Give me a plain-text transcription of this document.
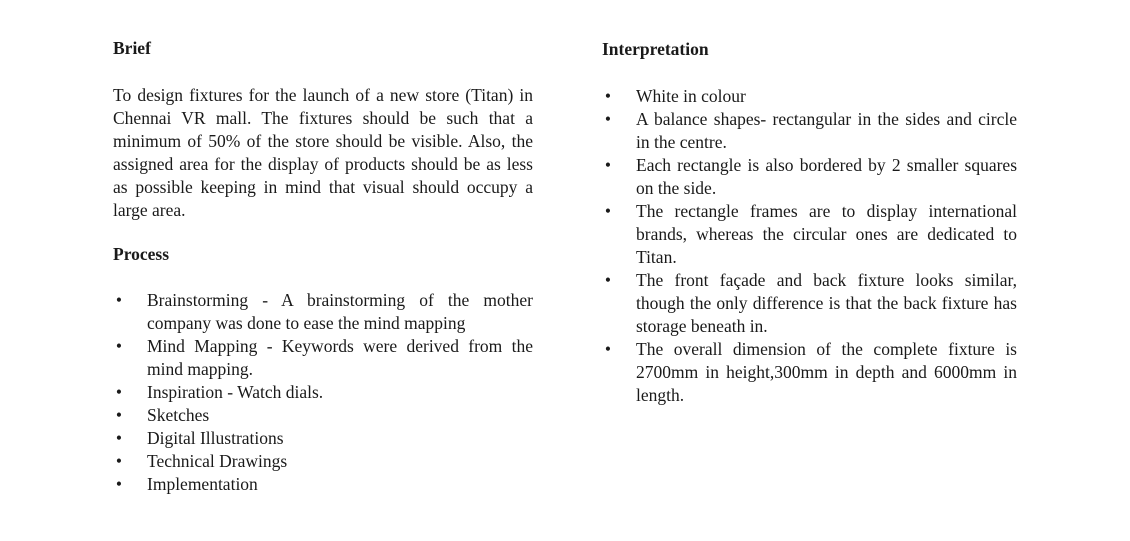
Brief

To design fixtures for the launch of a new store (Titan) in Chennai VR mall. The fixtures should be such that a minimum of 50% of the store should be visible. Also, the assigned area for the display of products should be as less as possible keeping in mind that visual should occupy a large area.

Process
• Brainstorming - A brainstorming of the mother company was done to ease the mind mapping
• Mind Mapping - Keywords were derived from the mind mapping.
• Inspiration - Watch dials.
• Sketches
• Digital Illustrations
• Technical Drawings
• Implementation
Interpretation
• White in colour
• A balance shapes- rectangular in the sides and circle in the centre.
• Each rectangle is also bordered by 2 smaller squares on the side.
• The rectangle frames are to display international brands, whereas the circular ones are dedicated to Titan.
• The front façade and back fixture looks similar, though the only difference is that the back fixture has storage beneath in.
• The overall dimension of the complete fixture is 2700mm in height,300mm in depth and 6000mm in length.
